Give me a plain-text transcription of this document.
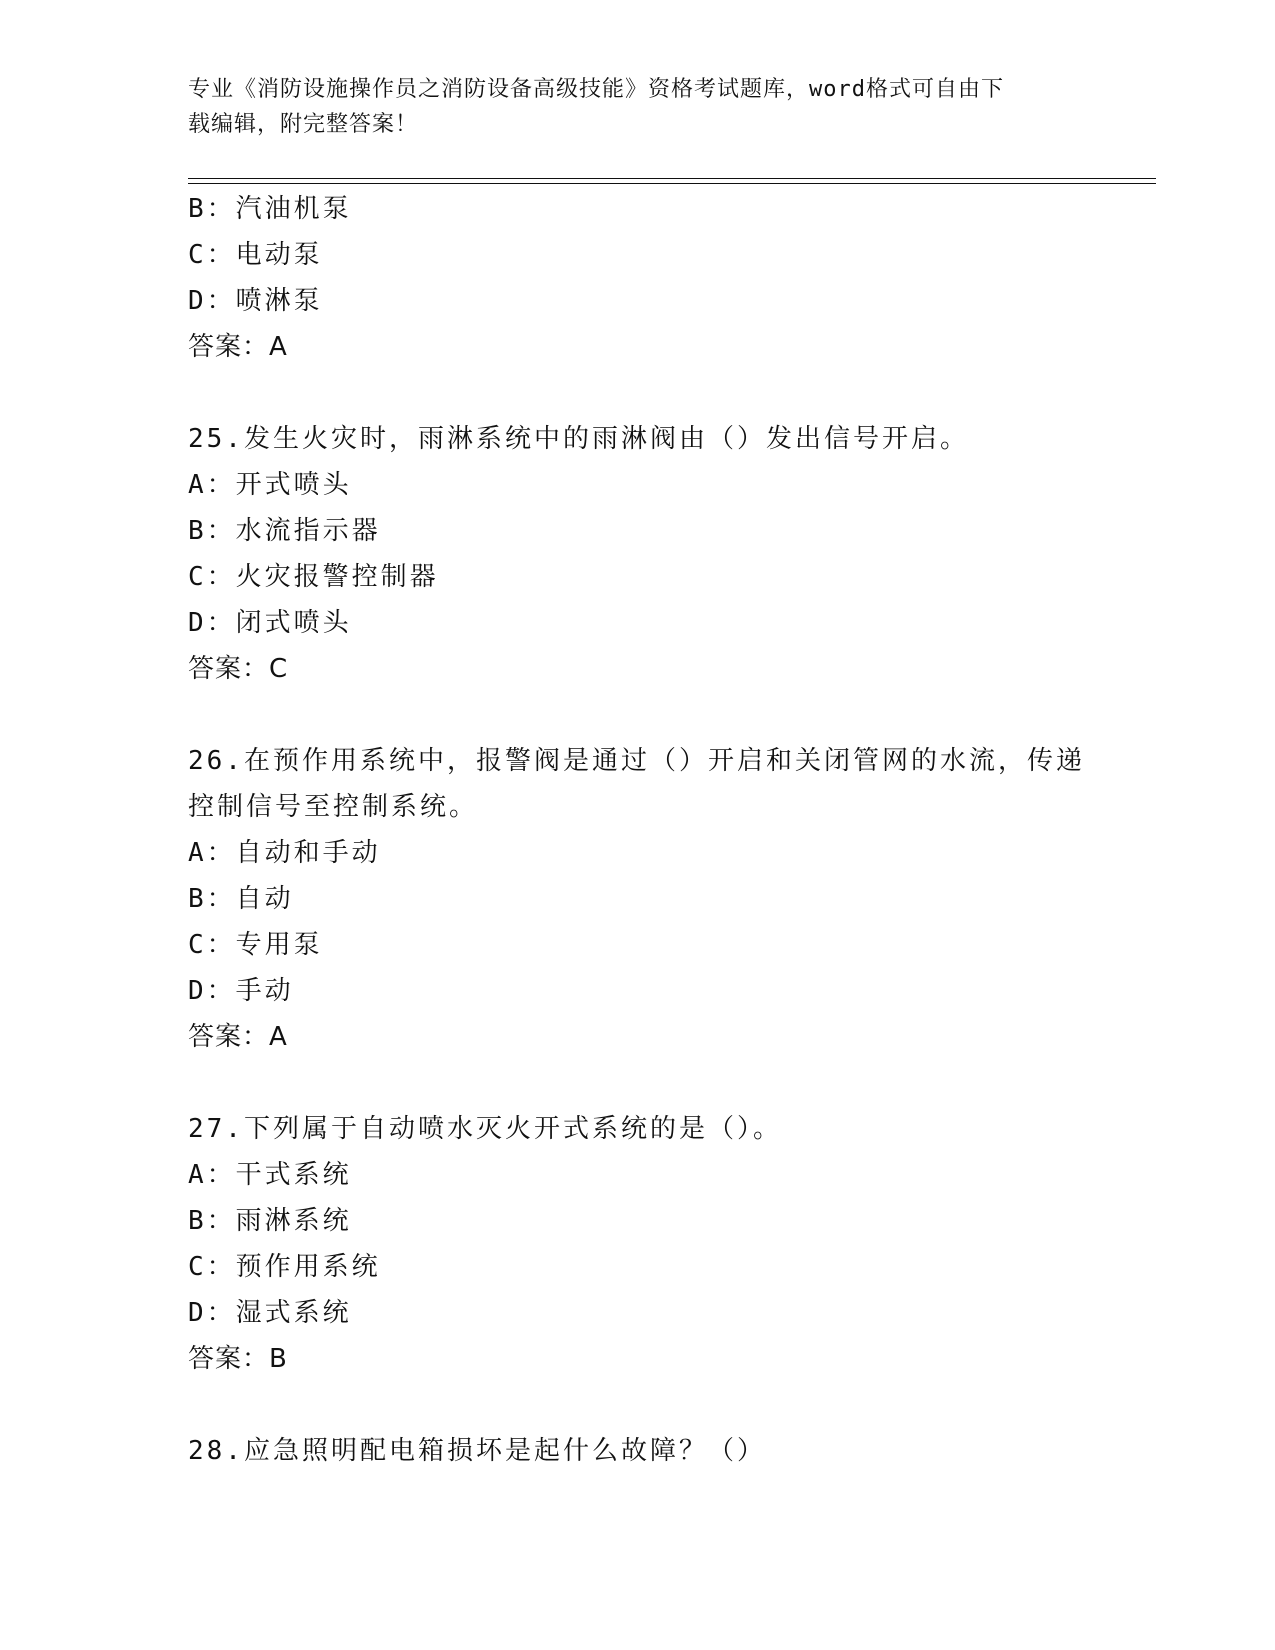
专业《消防设施操作员之消防设备高级技能》资格考试题库，word格式可自由下
载编辑，附完整答案！
B：汽油机泵
C：电动泵
D：喷淋泵
答案：A
25.发生火灾时，雨淋系统中的雨淋阀由（）发出信号开启。
A：开式喷头
B：水流指示器
C：火灾报警控制器
D：闭式喷头
答案：C
26.在预作用系统中，报警阀是通过（）开启和关闭管网的水流，传递
控制信号至控制系统。
A：自动和手动
B：自动
C：专用泵
D：手动
答案：A
27.下列属于自动喷水灭火开式系统的是（）。
A：干式系统
B：雨淋系统
C：预作用系统
D：湿式系统
答案：B
28.应急照明配电箱损坏是起什么故障？（）
